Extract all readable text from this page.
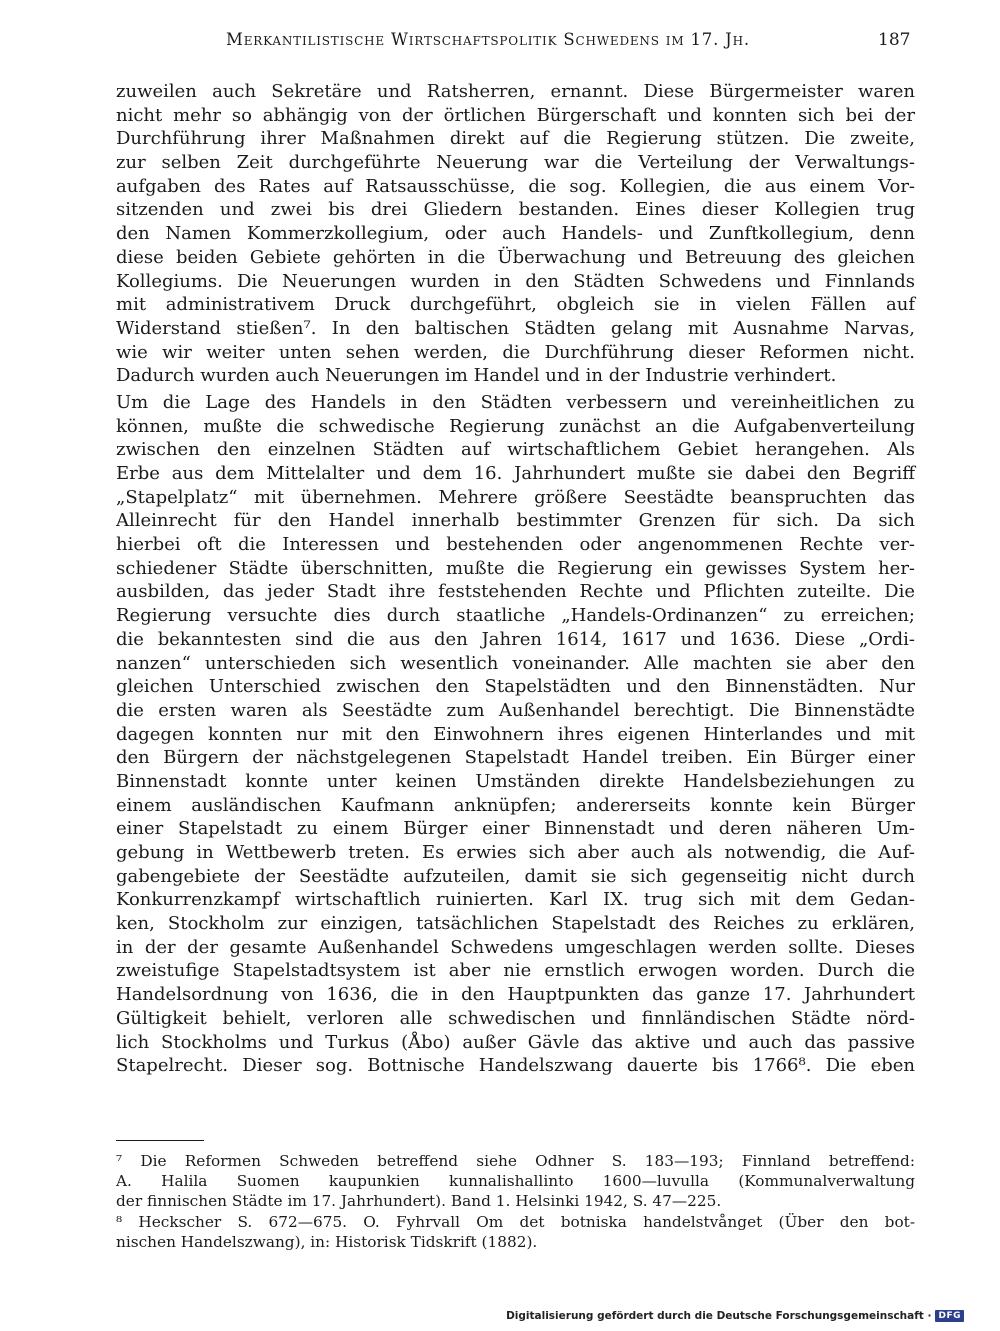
Merkantilistische Wirtschaftspolitik Schwedens im 17. Jh.	187
zuweilen auch Sekretäre und Ratsherren, ernannt. Diese Bürgermeister waren
nicht mehr so abhängig von der örtlichen Bürgerschaft und konnten sich bei der
Durchführung ihrer Maßnahmen direkt auf die Regierung stützen. Die zweite,
zur selben Zeit durchgeführte Neuerung war die Verteilung der Verwaltungs-
aufgaben des Rates auf Ratsausschüsse, die sog. Kollegien, die aus einem Vor-
sitzenden und zwei bis drei Gliedern bestanden. Eines dieser Kollegien trug
den Namen Kommerzkollegium, oder auch Handels- und Zunftkollegium, denn
diese beiden Gebiete gehörten in die Überwachung und Betreuung des gleichen
Kollegiums. Die Neuerungen wurden in den Städten Schwedens und Finnlands
mit administrativem Druck durchgeführt, obgleich sie in vielen Fällen auf
Widerstand stießen⁷. In den baltischen Städten gelang mit Ausnahme Narvas,
wie wir weiter unten sehen werden, die Durchführung dieser Reformen nicht.
Dadurch wurden auch Neuerungen im Handel und in der Industrie verhindert.
Um die Lage des Handels in den Städten verbessern und vereinheitlichen zu
können, mußte die schwedische Regierung zunächst an die Aufgabenverteilung
zwischen den einzelnen Städten auf wirtschaftlichem Gebiet herangehen. Als
Erbe aus dem Mittelalter und dem 16. Jahrhundert mußte sie dabei den Begriff
„Stapelplatz“ mit übernehmen. Mehrere größere Seestädte beanspruchten das
Alleinrecht für den Handel innerhalb bestimmter Grenzen für sich. Da sich
hierbei oft die Interessen und bestehenden oder angenommenen Rechte ver-
schiedener Städte überschnitten, mußte die Regierung ein gewisses System her-
ausbilden, das jeder Stadt ihre feststehenden Rechte und Pflichten zuteilte. Die
Regierung versuchte dies durch staatliche „Handels-Ordinanzen“ zu erreichen;
die bekanntesten sind die aus den Jahren 1614, 1617 und 1636. Diese „Ordi-
nanzen“ unterschieden sich wesentlich voneinander. Alle machten sie aber den
gleichen Unterschied zwischen den Stapelstädten und den Binnenstädten. Nur
die ersten waren als Seestädte zum Außenhandel berechtigt. Die Binnenstädte
dagegen konnten nur mit den Einwohnern ihres eigenen Hinterlandes und mit
den Bürgern der nächstgelegenen Stapelstadt Handel treiben. Ein Bürger einer
Binnenstadt konnte unter keinen Umständen direkte Handelsbeziehungen zu
einem ausländischen Kaufmann anknüpfen; andererseits konnte kein Bürger
einer Stapelstadt zu einem Bürger einer Binnenstadt und deren näheren Um-
gebung in Wettbewerb treten. Es erwies sich aber auch als notwendig, die Auf-
gabengebiete der Seestädte aufzuteilen, damit sie sich gegenseitig nicht durch
Konkurrenzkampf wirtschaftlich ruinierten. Karl IX. trug sich mit dem Gedan-
ken, Stockholm zur einzigen, tatsächlichen Stapelstadt des Reiches zu erklären,
in der der gesamte Außenhandel Schwedens umgeschlagen werden sollte. Dieses
zweistufige Stapelstadtsystem ist aber nie ernstlich erwogen worden. Durch die
Handelsordnung von 1636, die in den Hauptpunkten das ganze 17. Jahrhundert
Gültigkeit behielt, verloren alle schwedischen und finnländischen Städte nörd-
lich Stockholms und Turkus (Åbo) außer Gävle das aktive und auch das passive
Stapelrecht. Dieser sog. Bottnische Handelszwang dauerte bis 1766⁸. Die eben
⁷ Die Reformen Schweden betreffend siehe Odhner S. 183—193; Finnland betreffend:
A. Halila Suomen kaupunkien kunnalishallinto 1600—luvulla (Kommunalverwaltung
der finnischen Städte im 17. Jahrhundert). Band 1. Helsinki 1942, S. 47—225.
⁸ Heckscher S. 672—675. O. Fyhrvall Om det botniska handelstvånget (Über den bot-
nischen Handelszwang), in: Historisk Tidskrift (1882).
Digitalisierung gefördert durch die Deutsche Forschungsgemeinschaft · DFG
